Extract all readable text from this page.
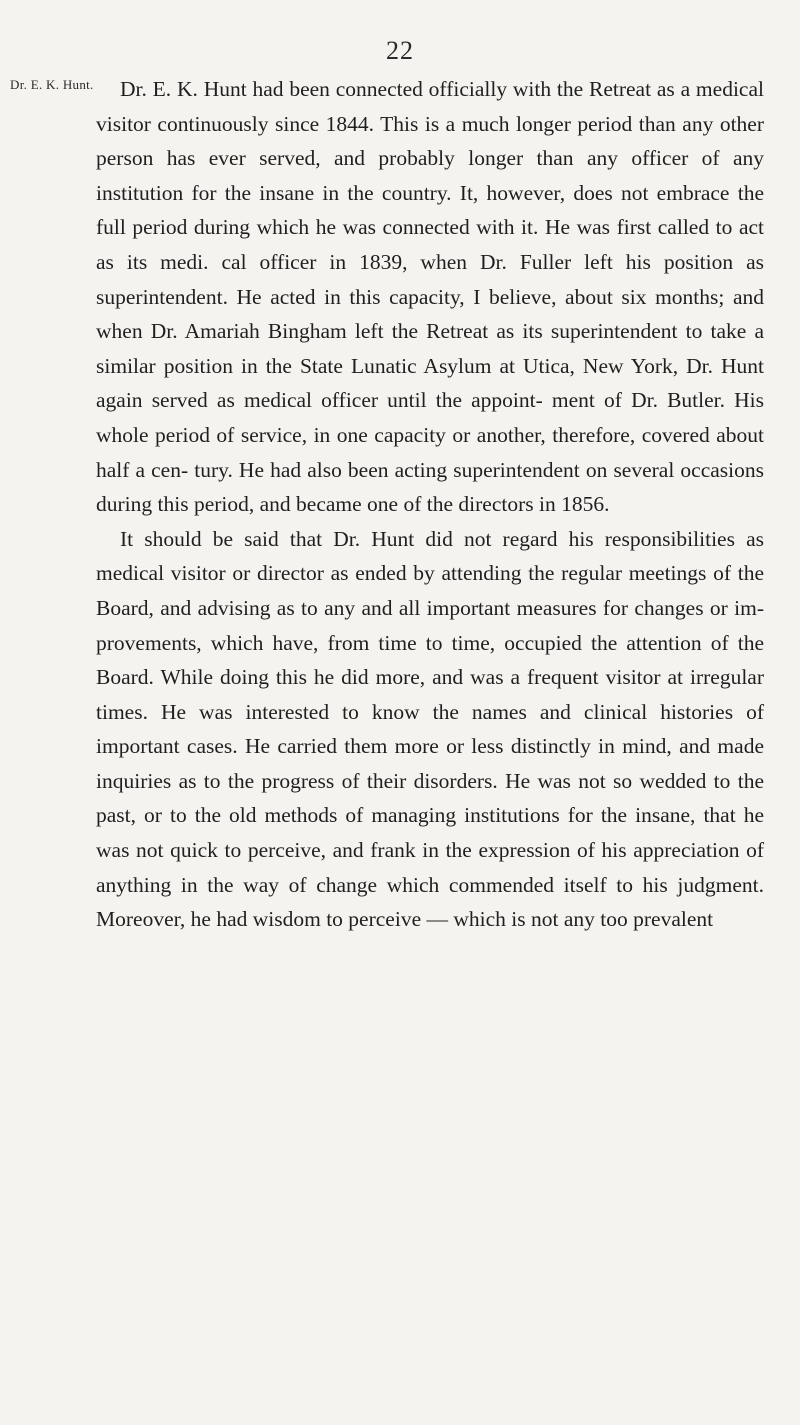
22
Dr. E. K. Hunt.	Dr. E. K. Hunt had been connected officially with the Retreat as a medical visitor continuously since 1844. This is a much longer period than any other person has ever served, and probably longer than any officer of any institution for the insane in the country. It, however, does not embrace the full period during which he was connected with it. He was first called to act as its medi. cal officer in 1839, when Dr. Fuller left his position as superintendent. He acted in this capacity, I believe, about six months; and when Dr. Amariah Bingham left the Retreat as its superintendent to take a similar position in the State Lunatic Asylum at Utica, New York, Dr. Hunt again served as medical officer until the appoint- ment of Dr. Butler. His whole period of service, in one capacity or another, therefore, covered about half a cen- tury. He had also been acting superintendent on several occasions during this period, and became one of the directors in 1856.

It should be said that Dr. Hunt did not regard his responsibilities as medical visitor or director as ended by attending the regular meetings of the Board, and advising as to any and all important measures for changes or im- provements, which have, from time to time, occupied the attention of the Board. While doing this he did more, and was a frequent visitor at irregular times. He was interested to know the names and clinical histories of important cases. He carried them more or less distinctly in mind, and made inquiries as to the progress of their disorders. He was not so wedded to the past, or to the old methods of managing institutions for the insane, that he was not quick to perceive, and frank in the expression of his appreciation of anything in the way of change which commended itself to his judgment. Moreover, he had wisdom to perceive — which is not any too prevalent
